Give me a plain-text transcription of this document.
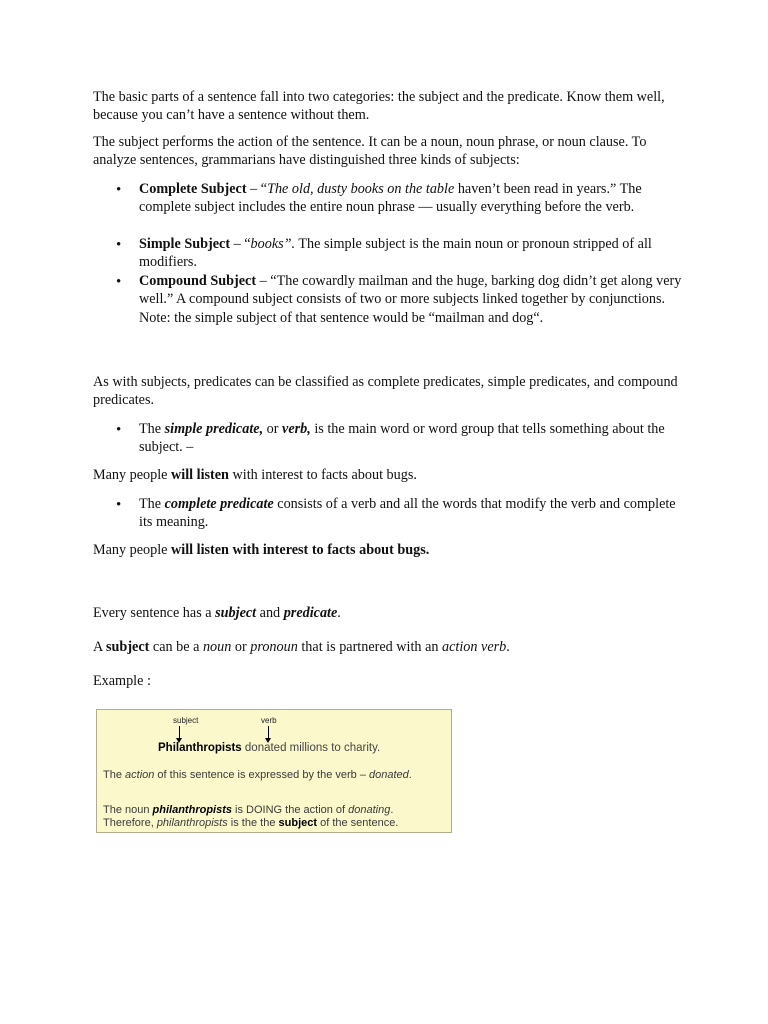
The basic parts of a sentence fall into two categories: the subject and the predicate. Know them well, because you can’t have a sentence without them.

The subject performs the action of the sentence. It can be a noun, noun phrase, or noun clause. To analyze sentences, grammarians have distinguished three kinds of subjects:

• Complete Subject – “The old, dusty books on the table haven’t been read in years.” The complete subject includes the entire noun phrase — usually everything before the verb.

• Simple Subject – “books”. The simple subject is the main noun or pronoun stripped of all modifiers.

• Compound Subject – “The cowardly mailman and the huge, barking dog didn’t get along very well.” A compound subject consists of two or more subjects linked together by conjunctions. Note: the simple subject of that sentence would be “mailman and dog“.

As with subjects, predicates can be classified as complete predicates, simple predicates, and compound predicates.

• The simple predicate, or verb, is the main word or word group that tells something about the subject. –

Many people will listen with interest to facts about bugs.

• The complete predicate consists of a verb and all the words that modify the verb and complete its meaning.

Many people will listen with interest to facts about bugs.

Every sentence has a subject and predicate.

A subject can be a noun or pronoun that is partnered with an action verb.

Example :

subject	verb
Philanthropists donated millions to charity.
The action of this sentence is expressed by the verb – donated.
The noun philanthropists is DOING the action of donating.
Therefore, philanthropists is the the subject of the sentence.
